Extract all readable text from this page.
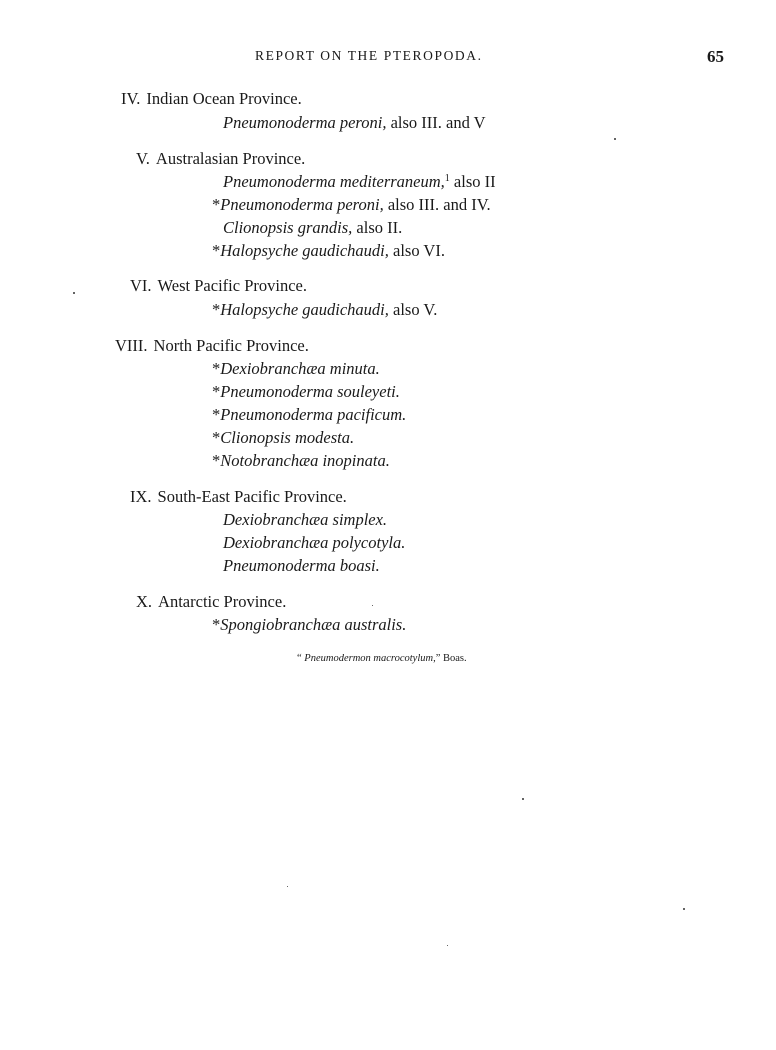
REPORT ON THE PTEROPODA.	65
IV. Indian Ocean Province.
Pneumonoderma peroni, also III. and V
V. Australasian Province.
Pneumonoderma mediterraneum,$^1$ also II
*Pneumonoderma peroni, also III. and IV.
Clionopsis grandis, also II.
*Halopsyche gaudichaudi, also VI.
VI. West Pacific Province.
*Halopsyche gaudichaudi, also V.
VIII. North Pacific Province.
*Dexiobranchæa minuta.
*Pneumonoderma souleyeti.
*Pneumonoderma pacificum.
*Clionopsis modesta.
*Notobranchæa inopinata.
IX. South-East Pacific Province.
Dexiobranchæa simplex.
Dexiobranchæa polycotyla.
Pneumonoderma boasi.
X. Antarctic Province.
*Spongiobranchæa australis.
“ Pneumodermon macrocotylum,” Boas.
